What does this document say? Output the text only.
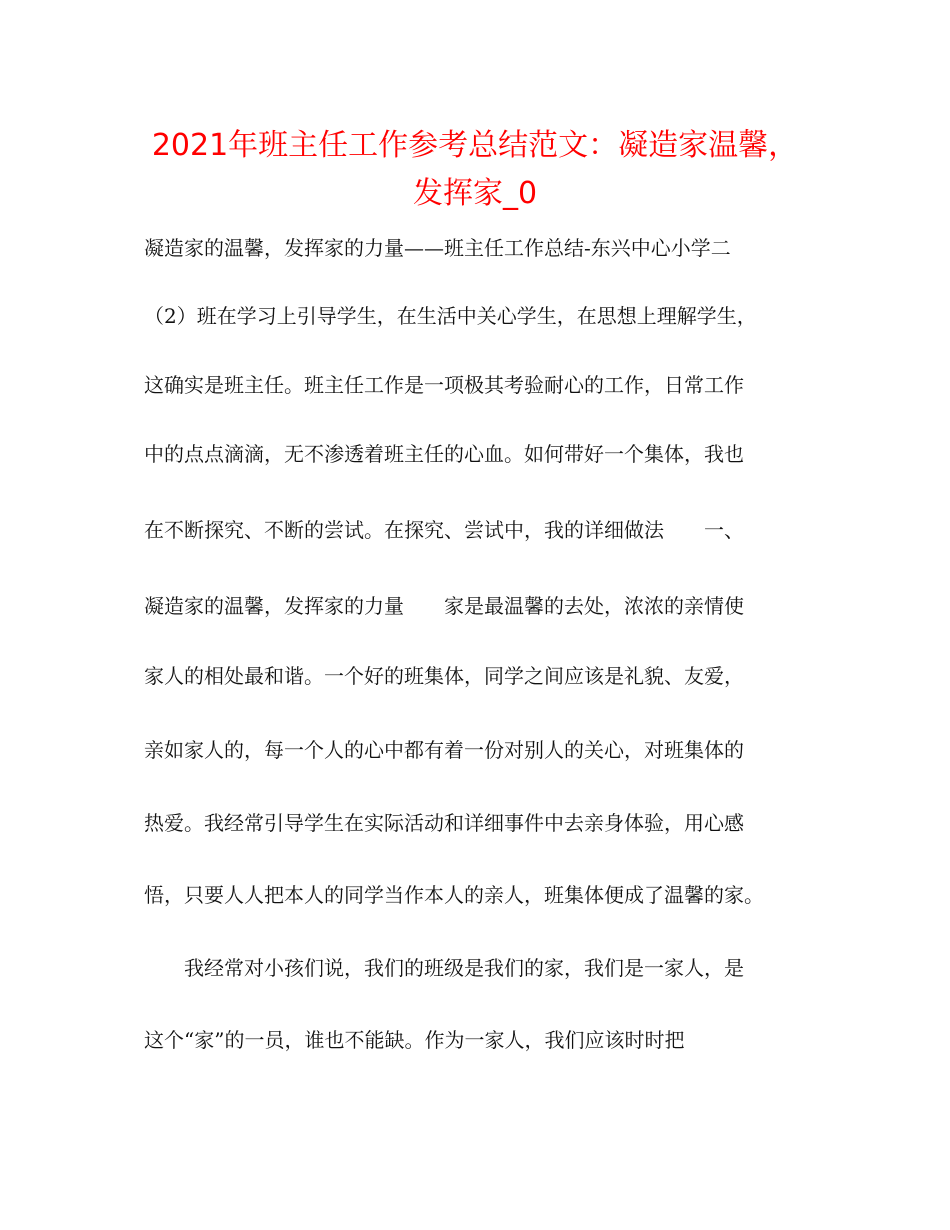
2021年班主任工作参考总结范文：凝造家温馨，
发挥家_0

凝造家的温馨，发挥家的力量——班主任工作总结-东兴中心小学二

（2）班在学习上引导学生，在生活中关心学生，在思想上理解学生，

这确实是班主任。班主任工作是一项极其考验耐心的工作，日常工作

中的点点滴滴，无不渗透着班主任的心血。如何带好一个集体，我也

在不断探究、不断的尝试。在探究、尝试中，我的详细做法　　一、

凝造家的温馨，发挥家的力量　　家是最温馨的去处，浓浓的亲情使

家人的相处最和谐。一个好的班集体，同学之间应该是礼貌、友爱，

亲如家人的，每一个人的心中都有着一份对别人的关心，对班集体的

热爱。我经常引导学生在实际活动和详细事件中去亲身体验，用心感

悟，只要人人把本人的同学当作本人的亲人，班集体便成了温馨的家。

　　我经常对小孩们说，我们的班级是我们的家，我们是一家人，是

这个“家”的一员，谁也不能缺。作为一家人，我们应该时时把
